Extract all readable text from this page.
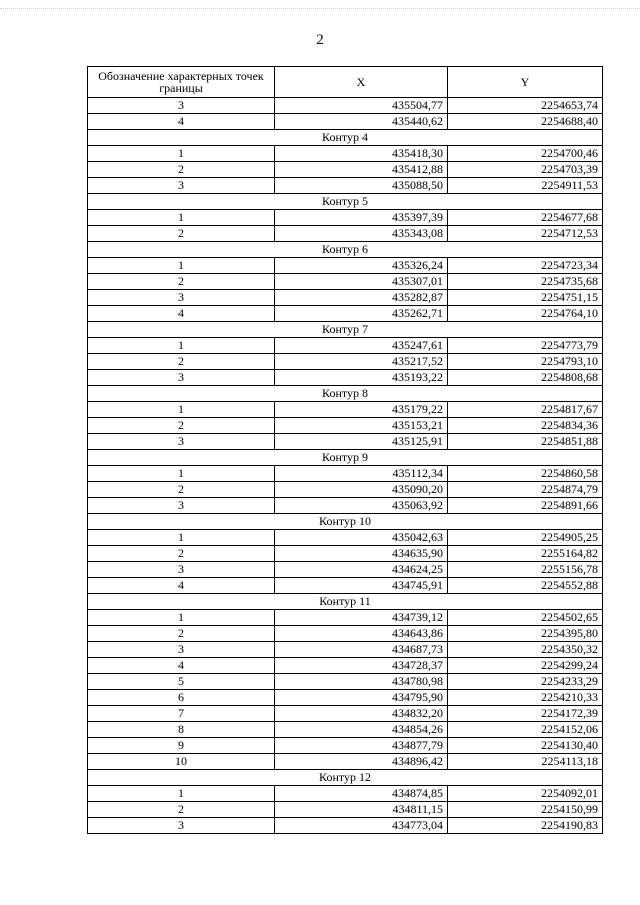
2
Обозначение характерных точек границы	X	Y
3	435504,77	2254653,74
4	435440,62	2254688,40
Контур 4		
1	435418,30	2254700,46
2	435412,88	2254703,39
3	435088,50	2254911,53
Контур 5		
1	435397,39	2254677,68
2	435343,08	2254712,53
Контур 6		
1	435326,24	2254723,34
2	435307,01	2254735,68
3	435282,87	2254751,15
4	435262,71	2254764,10
Контур 7		
1	435247,61	2254773,79
2	435217,52	2254793,10
3	435193,22	2254808,68
Контур 8		
1	435179,22	2254817,67
2	435153,21	2254834,36
3	435125,91	2254851,88
Контур 9		
1	435112,34	2254860,58
2	435090,20	2254874,79
3	435063,92	2254891,66
Контур 10		
1	435042,63	2254905,25
2	434635,90	2255164,82
3	434624,25	2255156,78
4	434745,91	2254552,88
Контур 11		
1	434739,12	2254502,65
2	434643,86	2254395,80
3	434687,73	2254350,32
4	434728,37	2254299,24
5	434780,98	2254233,29
6	434795,90	2254210,33
7	434832,20	2254172,39
8	434854,26	2254152,06
9	434877,79	2254130,40
10	434896,42	2254113,18
Контур 12		
1	434874,85	2254092,01
2	434811,15	2254150,99
3	434773,04	2254190,83
